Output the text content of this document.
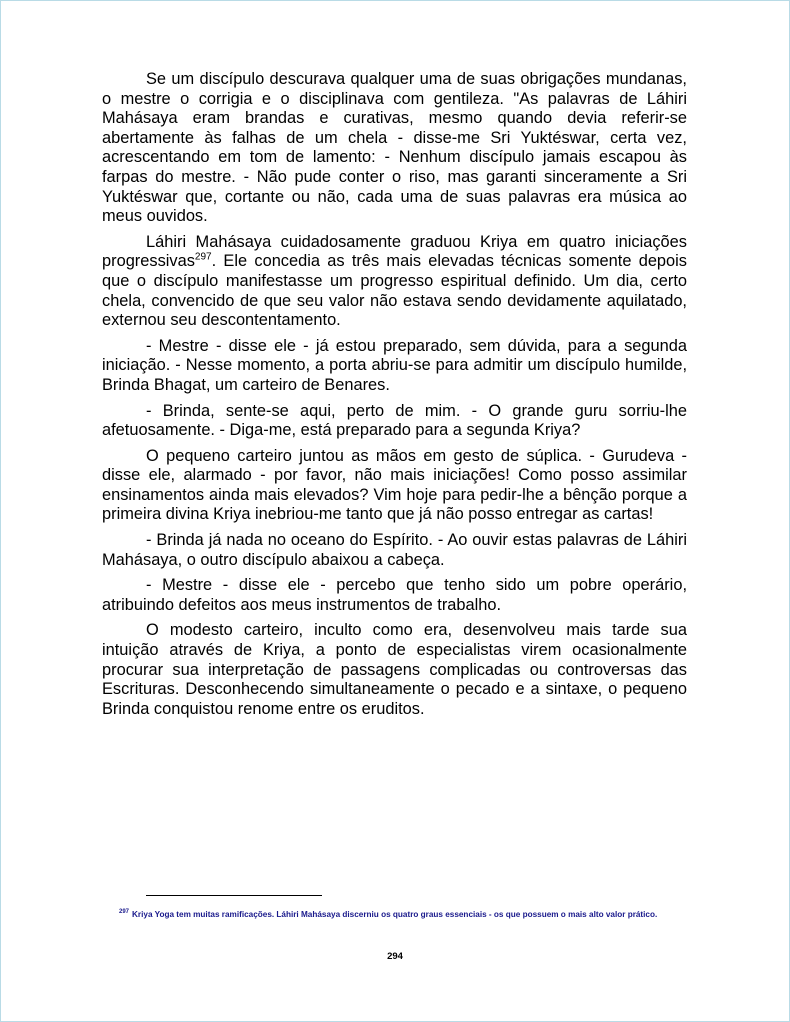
Se um discípulo descurava qualquer uma de suas obrigações mundanas, o mestre o corrigia e o disciplinava com gentileza. "As palavras de Láhiri Mahásaya eram brandas e curativas, mesmo quando devia referir-se abertamente às falhas de um chela - disse-me Sri Yuktéswar, certa vez, acrescentando em tom de lamento: - Nenhum discípulo jamais escapou às farpas do mestre. - Não pude conter o riso, mas garanti sinceramente a Sri Yuktéswar que, cortante ou não, cada uma de suas palavras era música ao meus ouvidos.

Láhiri Mahásaya cuidadosamente graduou Kriya em quatro iniciações progressivas$^{297}$. Ele concedia as três mais elevadas técnicas somente depois que o discípulo manifestasse um progresso espiritual definido. Um dia, certo chela, convencido de que seu valor não estava sendo devidamente aquilatado, externou seu descontentamento.

- Mestre - disse ele - já estou preparado, sem dúvida, para a segunda iniciação. - Nesse momento, a porta abriu-se para admitir um discípulo humilde, Brinda Bhagat, um carteiro de Benares.

- Brinda, sente-se aqui, perto de mim. - O grande guru sorriu-lhe afetuosamente. - Diga-me, está preparado para a segunda Kriya?

O pequeno carteiro juntou as mãos em gesto de súplica. - Gurudeva - disse ele, alarmado - por favor, não mais iniciações! Como posso assimilar ensinamentos ainda mais elevados? Vim hoje para pedir-lhe a bênção porque a primeira divina Kriya inebriou-me tanto que já não posso entregar as cartas!

- Brinda já nada no oceano do Espírito. - Ao ouvir estas palavras de Láhiri Mahásaya, o outro discípulo abaixou a cabeça.

- Mestre - disse ele - percebo que tenho sido um pobre operário, atribuindo defeitos aos meus instrumentos de trabalho.

O modesto carteiro, inculto como era, desenvolveu mais tarde sua intuição através de Kriya, a ponto de especialistas virem ocasionalmente procurar sua interpretação de passagens complicadas ou controversas das Escrituras. Desconhecendo simultaneamente o pecado e a sintaxe, o pequeno Brinda conquistou renome entre os eruditos.

$^{297}$ Kriya Yoga tem muitas ramificações. Láhiri Mahásaya discerniu os quatro graus essenciais - os que possuem o mais alto valor prático.
294
